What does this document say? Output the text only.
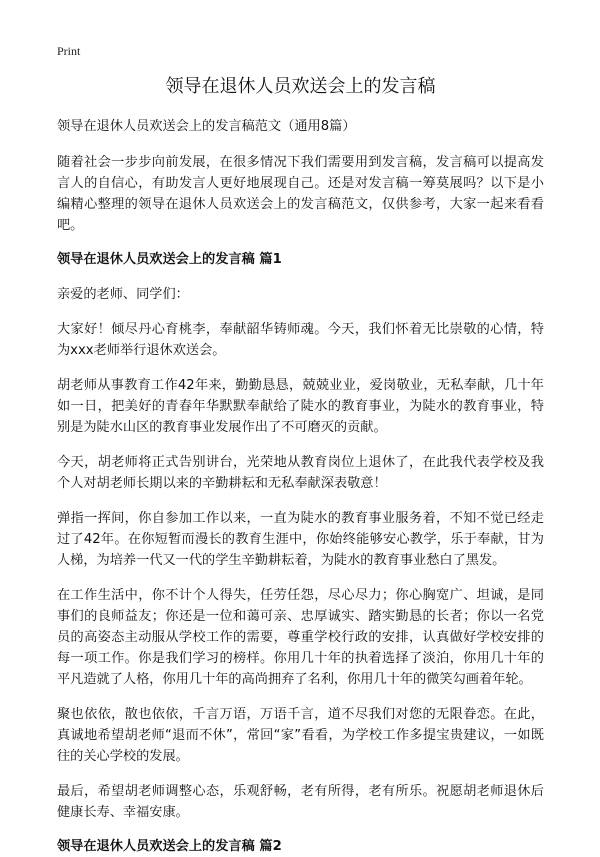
Print
领导在退休人员欢送会上的发言稿
领导在退休人员欢送会上的发言稿范文（通用8篇）

随着社会一步步向前发展，在很多情况下我们需要用到发言稿，发言稿可以提高发言人的自信心，有助发言人更好地展现自己。还是对发言稿一筹莫展吗？以下是小编精心整理的领导在退休人员欢送会上的发言稿范文，仅供参考，大家一起来看看吧。

领导在退休人员欢送会上的发言稿 篇1

亲爱的老师、同学们：

大家好！倾尽丹心育桃李，奉献韶华铸师魂。今天，我们怀着无比崇敬的心情，特为xxx老师举行退休欢送会。

胡老师从事教育工作42年来，勤勤恳恳，兢兢业业，爱岗敬业，无私奉献，几十年如一日，把美好的青春年华默默奉献给了陡水的教育事业，为陡水的教育事业，特别是为陡水山区的教育事业发展作出了不可磨灭的贡献。

今天，胡老师将正式告别讲台，光荣地从教育岗位上退休了，在此我代表学校及我个人对胡老师长期以来的辛勤耕耘和无私奉献深表敬意！

弹指一挥间，你自参加工作以来，一直为陡水的教育事业服务着，不知不觉已经走过了42年。在你短暂而漫长的教育生涯中，你始终能够安心教学，乐于奉献，甘为人梯，为培养一代又一代的学生辛勤耕耘着，为陡水的教育事业愁白了黑发。

在工作生活中，你不计个人得失，任劳任怨，尽心尽力；你心胸宽广、坦诚，是同事们的良师益友；你还是一位和蔼可亲、忠厚诚实、踏实勤恳的长者；你以一名党员的高姿态主动服从学校工作的需要，尊重学校行政的安排，认真做好学校安排的每一项工作。你是我们学习的榜样。你用几十年的执着选择了淡泊，你用几十年的平凡造就了人格，你用几十年的高尚拥弃了名利，你用几十年的微笑勾画着年轮。

聚也依依，散也依依，千言万语，万语千言，道不尽我们对您的无限眷恋。在此，真诚地希望胡老师“退而不休”，常回“家”看看，为学校工作多提宝贵建议，一如既往的关心学校的发展。

最后，希望胡老师调整心态，乐观舒畅，老有所得，老有所乐。祝愿胡老师退休后健康长寿、幸福安康。

领导在退休人员欢送会上的发言稿 篇2
